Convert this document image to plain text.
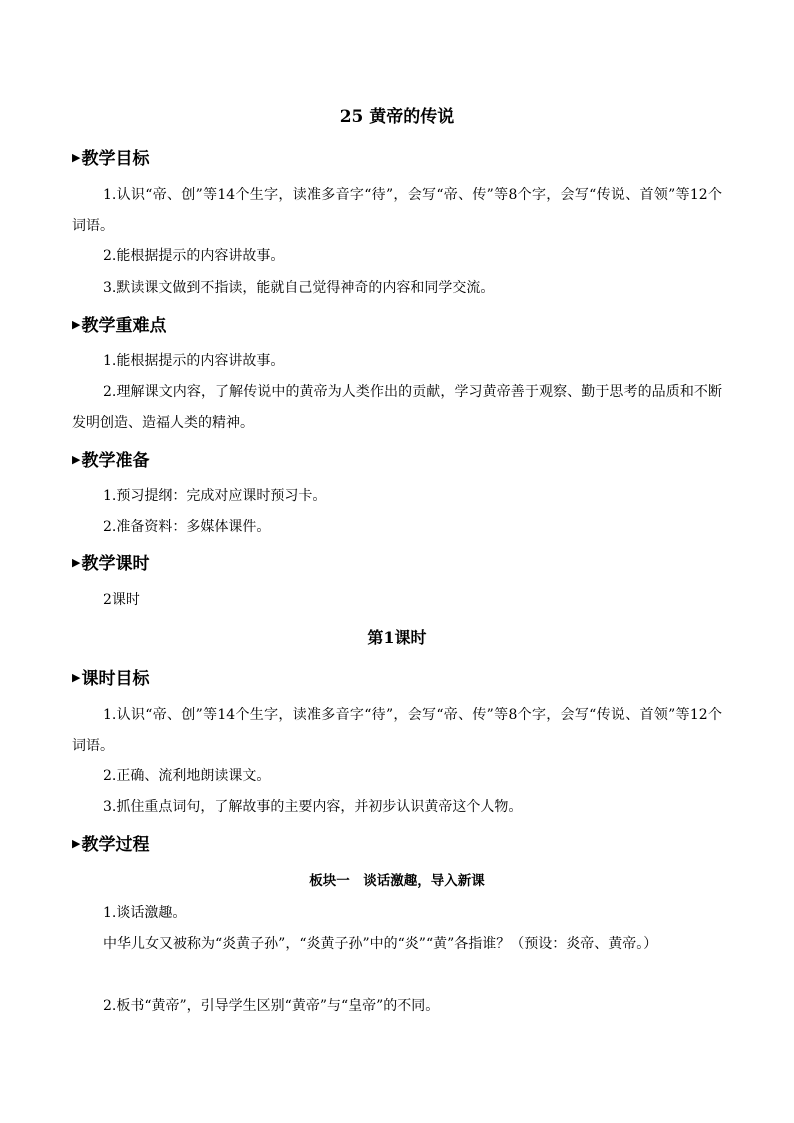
25 黄帝的传说
▶教学目标
1.认识“帝、创”等14个生字，读准多音字“待”，会写“帝、传”等8个字，会写“传说、首领”等12个词语。
2.能根据提示的内容讲故事。
3.默读课文做到不指读，能就自己觉得神奇的内容和同学交流。
▶教学重难点
1.能根据提示的内容讲故事。
2.理解课文内容，了解传说中的黄帝为人类作出的贡献，学习黄帝善于观察、勤于思考的品质和不断发明创造、造福人类的精神。
▶教学准备
1.预习提纲：完成对应课时预习卡。
2.准备资料：多媒体课件。
▶教学课时
2课时
第1课时
▶课时目标
1.认识“帝、创”等14个生字，读准多音字“待”，会写“帝、传”等8个字，会写“传说、首领”等12个词语。
2.正确、流利地朗读课文。
3.抓住重点词句，了解故事的主要内容，并初步认识黄帝这个人物。
▶教学过程
板块一　谈话激趣，导入新课
1.谈话激趣。
中华儿女又被称为“炎黄子孙”，“炎黄子孙”中的“炎”“黄”各指谁？（预设：炎帝、黄帝。）
2.板书“黄帝”，引导学生区别“黄帝”与“皇帝”的不同。
